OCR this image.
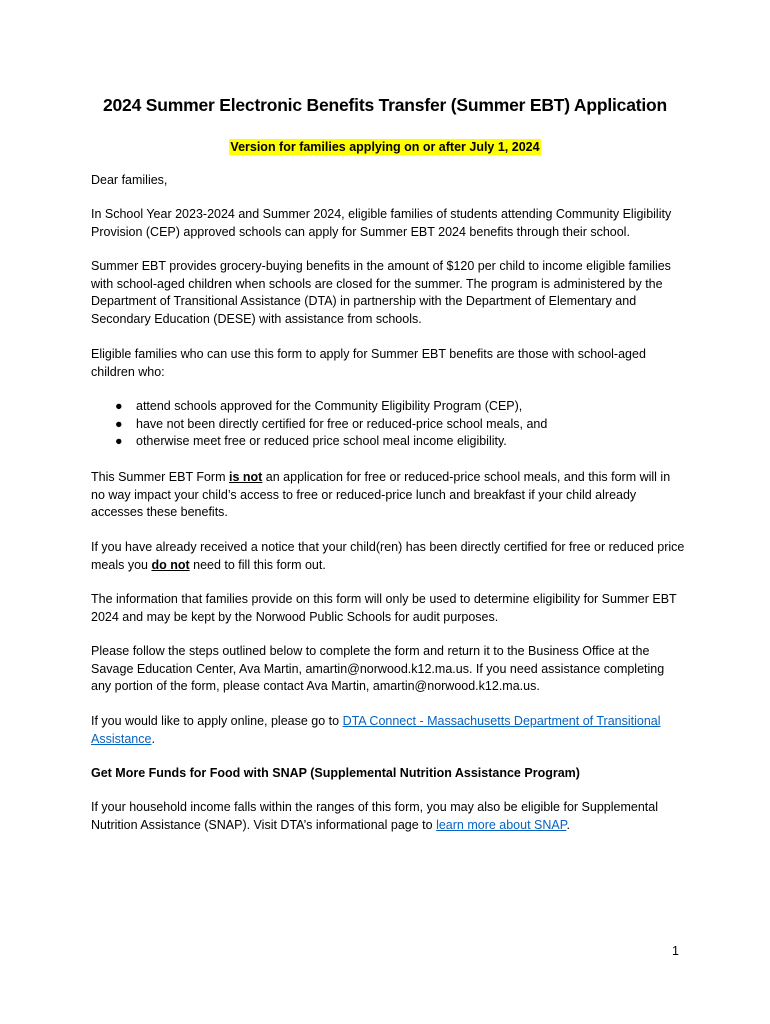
2024 Summer Electronic Benefits Transfer (Summer EBT) Application
Version for families applying on or after July 1, 2024

Dear families,

In School Year 2023-2024 and Summer 2024, eligible families of students attending Community Eligibility Provision (CEP) approved schools can apply for Summer EBT 2024 benefits through their school.

Summer EBT provides grocery-buying benefits in the amount of $120 per child to income eligible families with school-aged children when schools are closed for the summer. The program is administered by the Department of Transitional Assistance (DTA) in partnership with the Department of Elementary and Secondary Education (DESE) with assistance from schools.

Eligible families who can use this form to apply for Summer EBT benefits are those with school-aged children who:

● attend schools approved for the Community Eligibility Program (CEP),
● have not been directly certified for free or reduced-price school meals, and
● otherwise meet free or reduced price school meal income eligibility.

This Summer EBT Form is not an application for free or reduced-price school meals, and this form will in no way impact your child’s access to free or reduced-price lunch and breakfast if your child already accesses these benefits.

If you have already received a notice that your child(ren) has been directly certified for free or reduced price meals you do not need to fill this form out.

The information that families provide on this form will only be used to determine eligibility for Summer EBT 2024 and may be kept by the Norwood Public Schools for audit purposes.

Please follow the steps outlined below to complete the form and return it to the Business Office at the Savage Education Center, Ava Martin, amartin@norwood.k12.ma.us. If you need assistance completing any portion of the form, please contact Ava Martin, amartin@norwood.k12.ma.us.

If you would like to apply online, please go to DTA Connect - Massachusetts Department of Transitional Assistance.

Get More Funds for Food with SNAP (Supplemental Nutrition Assistance Program)

If your household income falls within the ranges of this form, you may also be eligible for Supplemental Nutrition Assistance (SNAP). Visit DTA’s informational page to learn more about SNAP.

1
